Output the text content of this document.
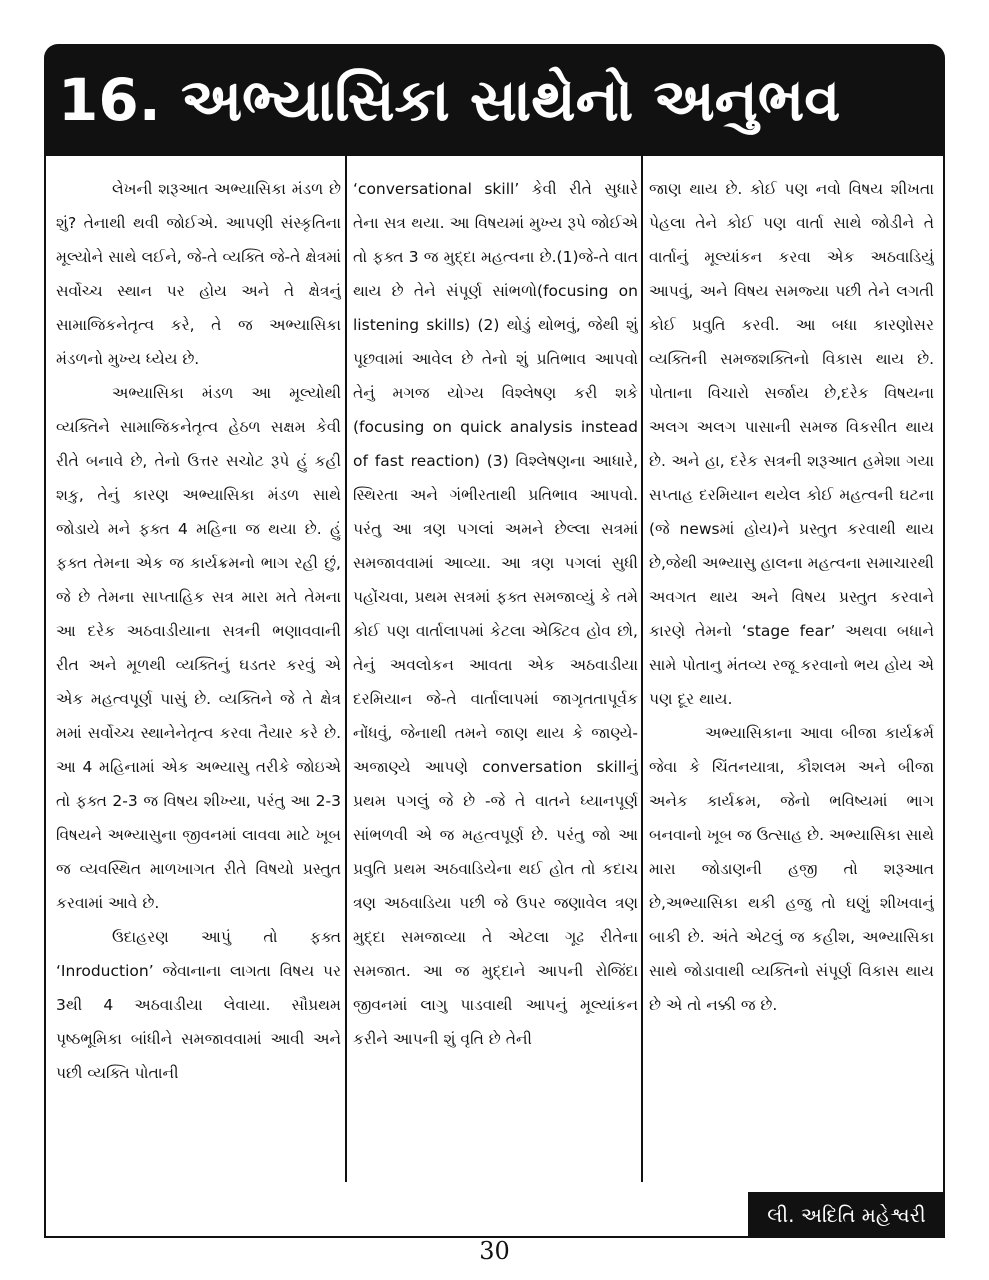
16. અભ્યાસિકા સાથેનો અનુભવ

લેખની શરૂઆત અભ્યાસિકા મંડળ છે શું? તેનાથી થવી જોઈએ. આપણી સંસ્કૃતિના મૂલ્યોને સાથે લઈને, જે-તે વ્યક્તિ જે-તે ક્ષેત્રમાં સર્વોચ્ચ સ્થાન પર હોય અને તે ક્ષેત્રનું સામાજિકનેતૃત્વ કરે, તે જ અભ્યાસિકા મંડળનો મુખ્ય ધ્યેય છે.

અભ્યાસિકા મંડળ આ મૂલ્યોથી વ્યક્તિને સામાજિકનેતૃત્વ હેઠળ સક્ષમ કેવી રીતે બનાવે છે, તેનો ઉત્તર સચોટ રૂપે હું કહી શકુ, તેનું કારણ અભ્યાસિકા મંડળ સાથે જોડાયે મને ફક્ત 4 મહિના જ થયા છે. હું ફક્ત તેમના એક જ કાર્યક્રમનો ભાગ રહી છું, જે છે તેમના સાપ્તાહિક સત્ર મારા મતે તેમના આ દરેક અઠવાડીયાના સત્રની ભણાવવાની રીત અને મૂળથી વ્યક્તિનું ઘડતર કરવું એ એક મહત્વપૂર્ણ પાસું છે. વ્યક્તિને જે તે ક્ષેત્ર મમાં સર્વોચ્ચ સ્થાનેનેતૃત્વ કરવા તૈયાર કરે છે. આ 4 મહિનામાં એક અભ્યાસુ તરીકે જોઇએ તો ફક્ત 2-3 જ વિષય શીખ્યા, પરંતુ આ 2-3 વિષયને અભ્યાસુના જીવનમાં લાવવા માટે ખૂબ જ વ્યવસ્થિત માળખાગત રીતે વિષયો પ્રસ્તુત કરવામાં આવે છે.

ઉદાહરણ આપું તો ફક્ત ‘Inroduction’ જેવાનાના લાગતા વિષય પર 3થી 4 અઠવાડીયા લેવાયા. સૌપ્રથમ પૃષ્ઠભૂમિકા બાંધીને સમજાવવામાં આવી અને પછી વ્યક્તિ પોતાની

‘conversational skill’ કેવી રીતે સુધારે તેના સત્ર થયા. આ વિષયમાં મુખ્ય રૂપે જોઈએ તો ફક્ત 3 જ મુદ્દા મહત્વના છે.(1)જે-તે વાત થાય છે તેને સંપૂર્ણ સાંભળો(focusing on listening skills) (2) થોડું થોભવું, જેથી શું પૂછવામાં આવેલ છે તેનો શું પ્રતિભાવ આપવો તેનું મગજ યોગ્ય વિશ્લેષણ કરી શકે (focusing on quick analysis instead of fast reaction) (3) વિશ્લેષણના આધારે, સ્થિરતા અને ગંભીરતાથી પ્રતિભાવ આપવો. પરંતુ આ ત્રણ પગલાં અમને છેલ્લા સત્રમાં સમજાવવામાં આવ્યા. આ ત્રણ પગલાં સુધી પહોંચવા, પ્રથમ સત્રમાં ફક્ત સમજાવ્યું કે તમે કોઈ પણ વાર્તાલાપમાં કેટલા એક્ટિવ હોવ છો, તેનું અવલોકન આવતા એક અઠવાડીયા દરમિયાન જે-તે વાર્તાલાપમાં જાગૃતતાપૂર્વક નોંધવું, જેનાથી તમને જાણ થાય કે જાણ્યે-અજાણ્યે આપણે conversation skillનું પ્રથમ પગલું જે છે -જે તે વાતને ધ્યાનપૂર્ણ સાંભળવી એ જ મહત્વપૂર્ણ છે. પરંતુ જો આ પ્રવુતિ પ્રથમ અઠવાડિયેના થઈ હોત તો કદાચ ત્રણ અઠવાડિયા પછી જે ઉપર જણાવેલ ત્રણ મુદ્દા સમજાવ્યા તે એટલા ગૂઢ રીતેના સમજાત. આ જ મુદ્દાને આપની રોજિંદા જીવનમાં લાગુ પાડવાથી આપનું મૂલ્યાંકન કરીને આપની શું વૃતિ છે તેની

જાણ થાય છે. કોઈ પણ નવો વિષય શીખતા પેહલા તેને કોઈ પણ વાર્તા સાથે જોડીને તે વાર્તાનું મૂલ્યાંકન કરવા એક અઠવાડિયું આપવું, અને વિષય સમજ્યા પછી તેને લગતી કોઈ પ્રવુતિ કરવી. આ બધા કારણોસર વ્યક્તિની સમજશક્તિનો વિકાસ થાય છે. પોતાના વિચારો સર્જાય છે,દરેક વિષયના અલગ અલગ પાસાની સમજ વિકસીત થાય છે. અને હા, દરેક સત્રની શરૂઆત હમેશા ગયા સપ્તાહ દરમિયાન થયેલ કોઈ મહત્વની ઘટના (જે newsમાં હોય)ને પ્રસ્તુત કરવાથી થાય છે,જેથી અભ્યાસુ હાલના મહત્વના સમાચારથી અવગત થાય અને વિષય પ્રસ્તુત કરવાને કારણે તેમનો ‘stage fear’ અથવા બધાને સામે પોતાનુ મંતવ્ય રજૂ કરવાનો ભય હોય એ પણ દૂર થાય.

અભ્યાસિકાના આવા બીજા કાર્યક્રર્મ જેવા કે ચિંતનયાત્રા, કૌશલમ અને બીજા અનેક કાર્યક્રમ, જેનો ભવિષ્યમાં ભાગ બનવાનો ખૂબ જ ઉત્સાહ છે. અભ્યાસિકા સાથે મારા જોડાણની હજી તો શરૂઆત છે,અભ્યાસિકા થકી હજુ તો ઘણું શીખવાનું બાકી છે. અંતે એટલું જ કહીશ, અભ્યાસિકા સાથે જોડાવાથી વ્યક્તિનો સંપૂર્ણ વિકાસ થાય છે એ તો નક્કી જ છે.

લી. અદિતિ મહેશ્વરી
30
